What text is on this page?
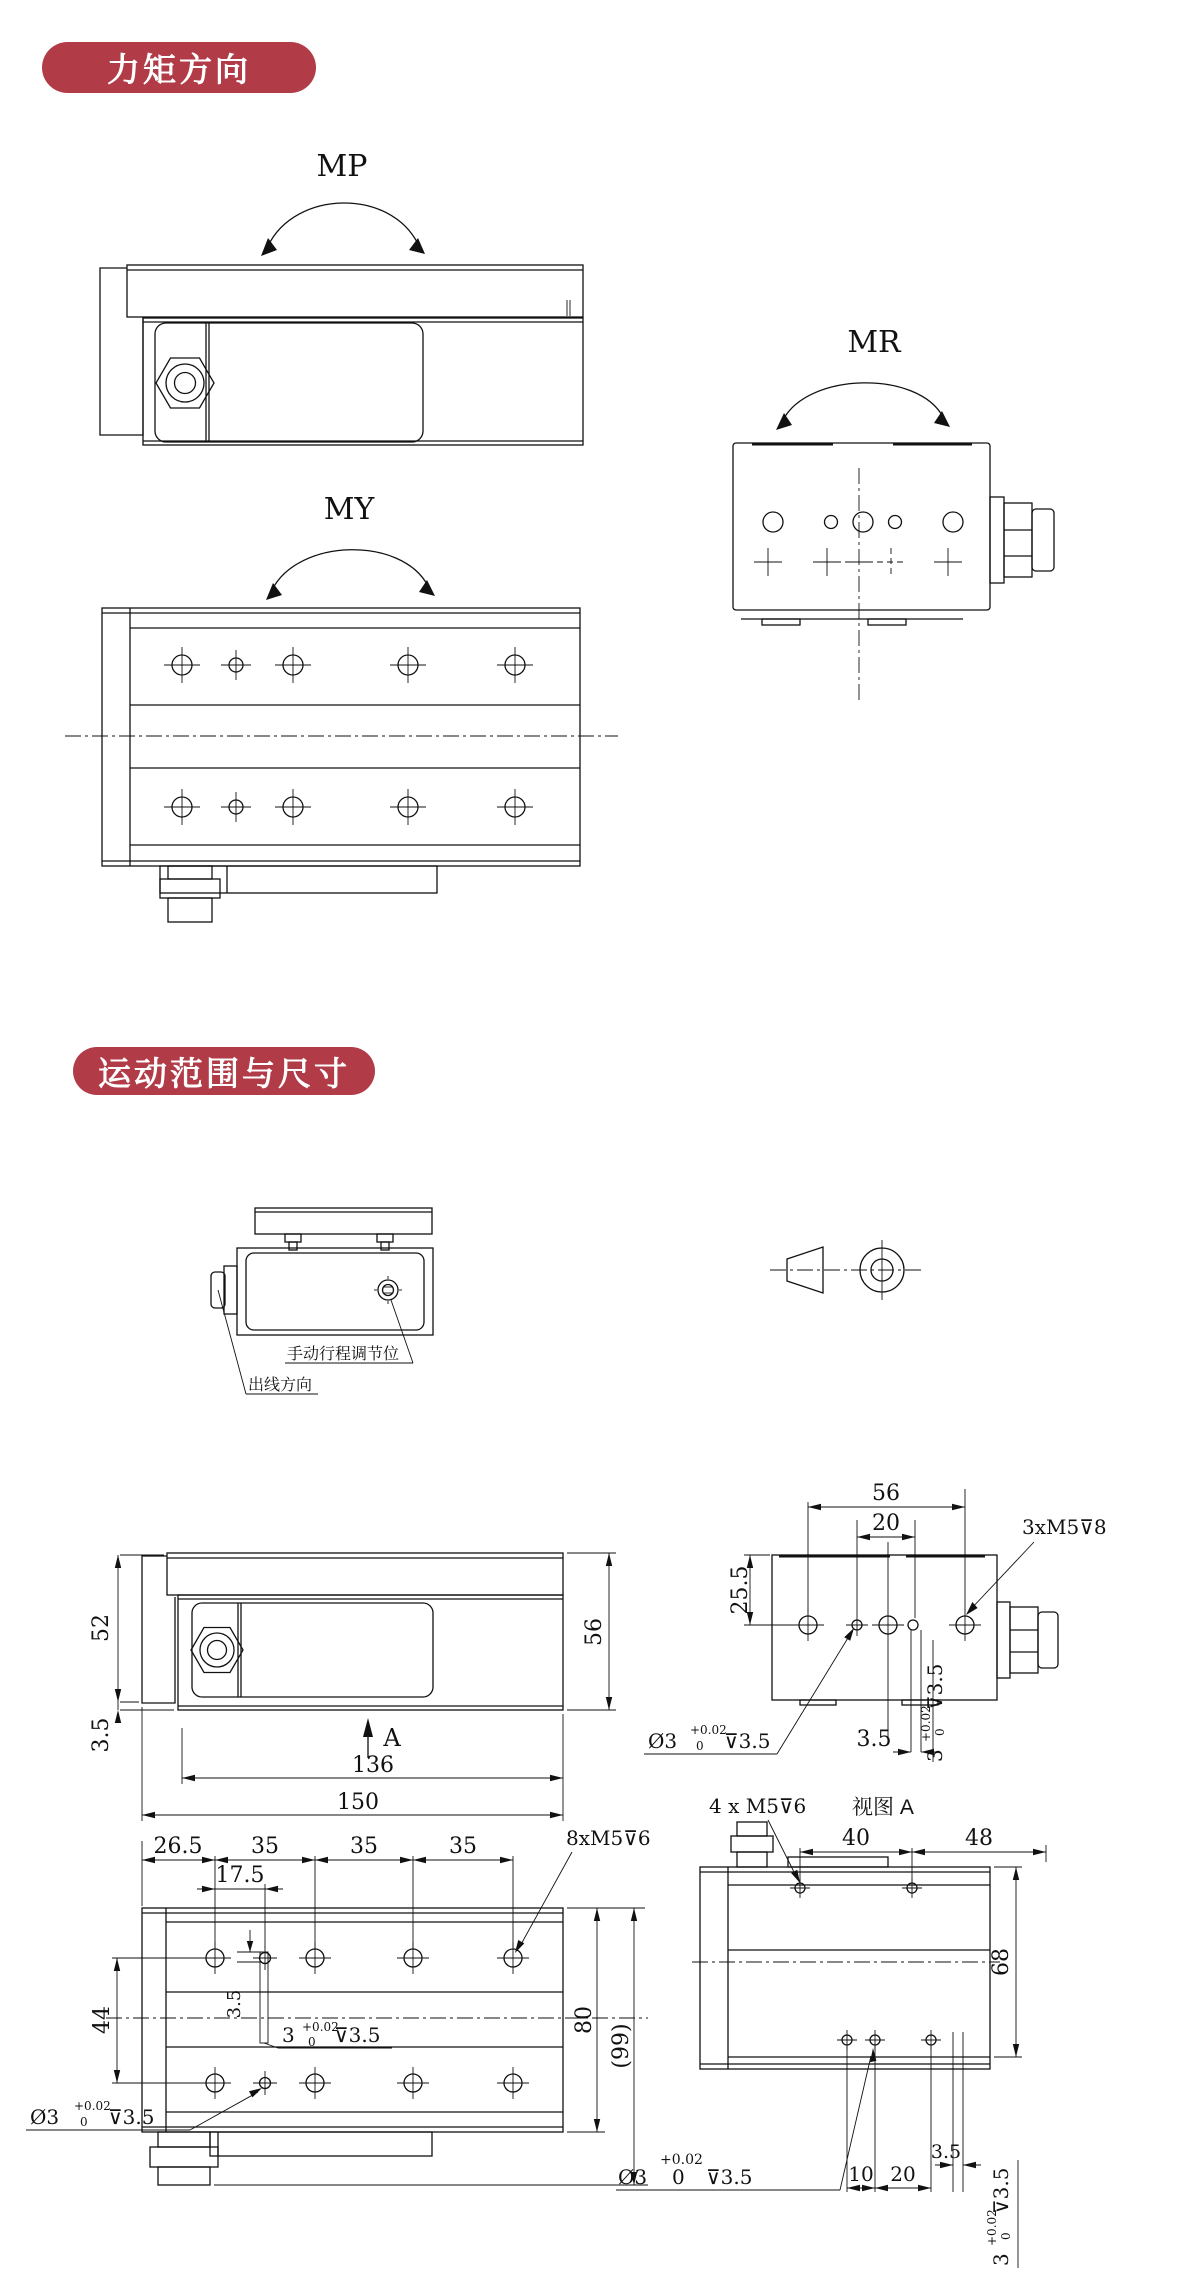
力矩方向
运动范围与尺寸
MP
MR
MY
出线方向
手动行程调节位
52
3.5	A
136
150
56
56
20
25.5
3xM5⊽8
Ø3 +0.02
0 ⊽3.5	3.5
3
+0.02 0
⊽3.5
26.5 35	35	35
17.5
44
3.5
3 +0.02
0 ⊽3.5
8xM5⊽6
80
(99)
Ø3 +0.02
0 ⊽3.5
4 x M5⊽6 视图 A
40	48
68
10 20
3.5
Ø3
+0.02
0 ⊽3.5
3
+0.02 0
⊽3.5
